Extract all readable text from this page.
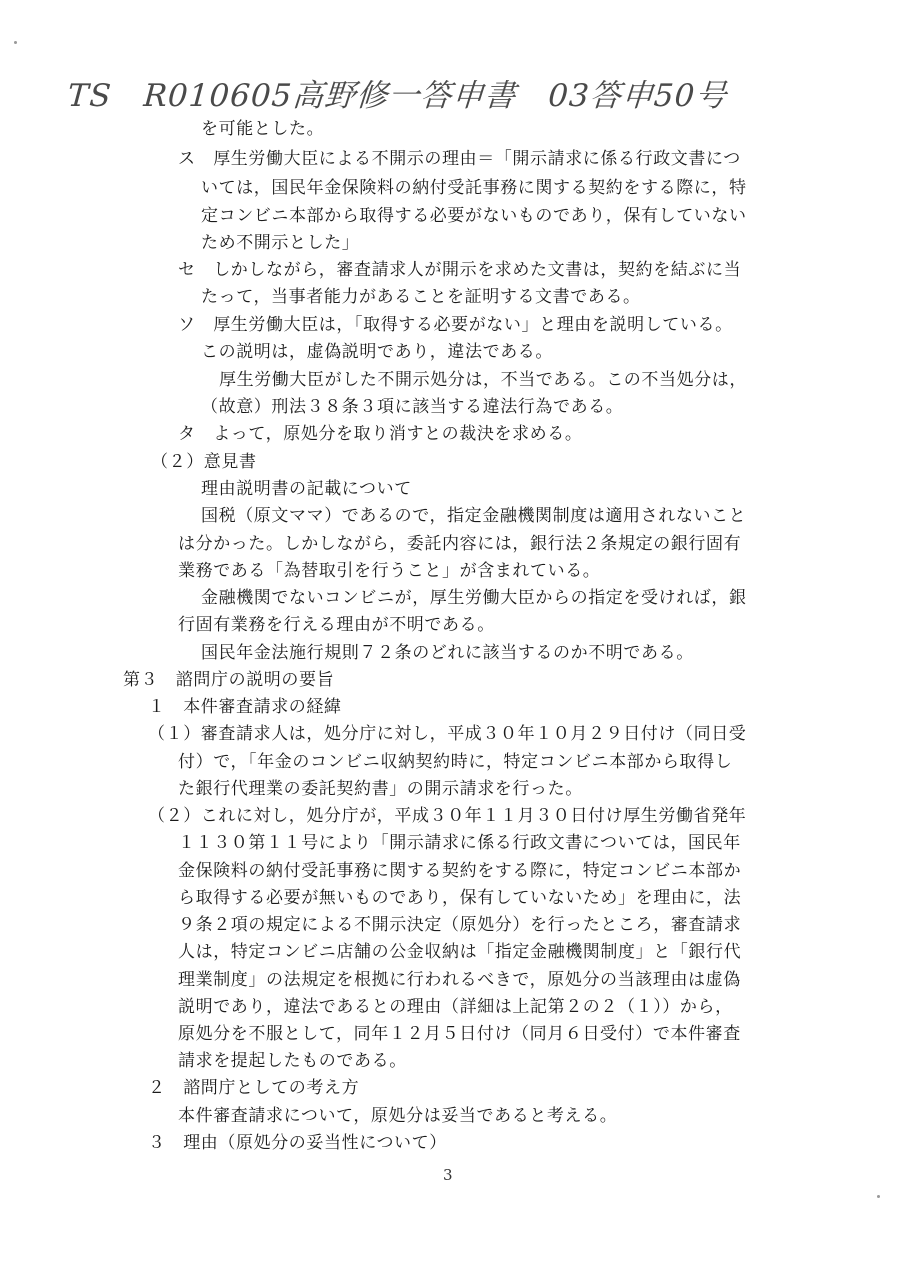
TS　R010605高野修一答申書　03答申50号
を可能とした。
ス　厚生労働大臣による不開示の理由＝「開示請求に係る行政文書につ
いては，国民年金保険料の納付受託事務に関する契約をする際に，特
定コンビニ本部から取得する必要がないものであり，保有していない
ため不開示とした」
セ　しかしながら，審査請求人が開示を求めた文書は，契約を結ぶに当
たって，当事者能力があることを証明する文書である。
ソ　厚生労働大臣は，「取得する必要がない」と理由を説明している。
この説明は，虚偽説明であり，違法である。
厚生労働大臣がした不開示処分は，不当である。この不当処分は，
（故意）刑法３８条３項に該当する違法行為である。
タ　よって，原処分を取り消すとの裁決を求める。
（２）意見書
理由説明書の記載について
国税（原文ママ）であるので，指定金融機関制度は適用されないこと
は分かった。しかしながら，委託内容には，銀行法２条規定の銀行固有
業務である「為替取引を行うこと」が含まれている。
金融機関でないコンビニが，厚生労働大臣からの指定を受ければ，銀
行固有業務を行える理由が不明である。
国民年金法施行規則７２条のどれに該当するのか不明である。
第３　諮問庁の説明の要旨
１　本件審査請求の経緯
（１）審査請求人は，処分庁に対し，平成３０年１０月２９日付け（同日受
付）で，「年金のコンビニ収納契約時に，特定コンビニ本部から取得し
た銀行代理業の委託契約書」の開示請求を行った。
（２）これに対し，処分庁が，平成３０年１１月３０日付け厚生労働省発年
１１３０第１１号により「開示請求に係る行政文書については，国民年
金保険料の納付受託事務に関する契約をする際に，特定コンビニ本部か
ら取得する必要が無いものであり，保有していないため」を理由に，法
９条２項の規定による不開示決定（原処分）を行ったところ，審査請求
人は，特定コンビニ店舗の公金収納は「指定金融機関制度」と「銀行代
理業制度」の法規定を根拠に行われるべきで，原処分の当該理由は虚偽
説明であり，違法であるとの理由（詳細は上記第２の２（１））から，
原処分を不服として，同年１２月５日付け（同月６日受付）で本件審査
請求を提起したものである。
２　諮問庁としての考え方
本件審査請求について，原処分は妥当であると考える。
３　理由（原処分の妥当性について）
3
